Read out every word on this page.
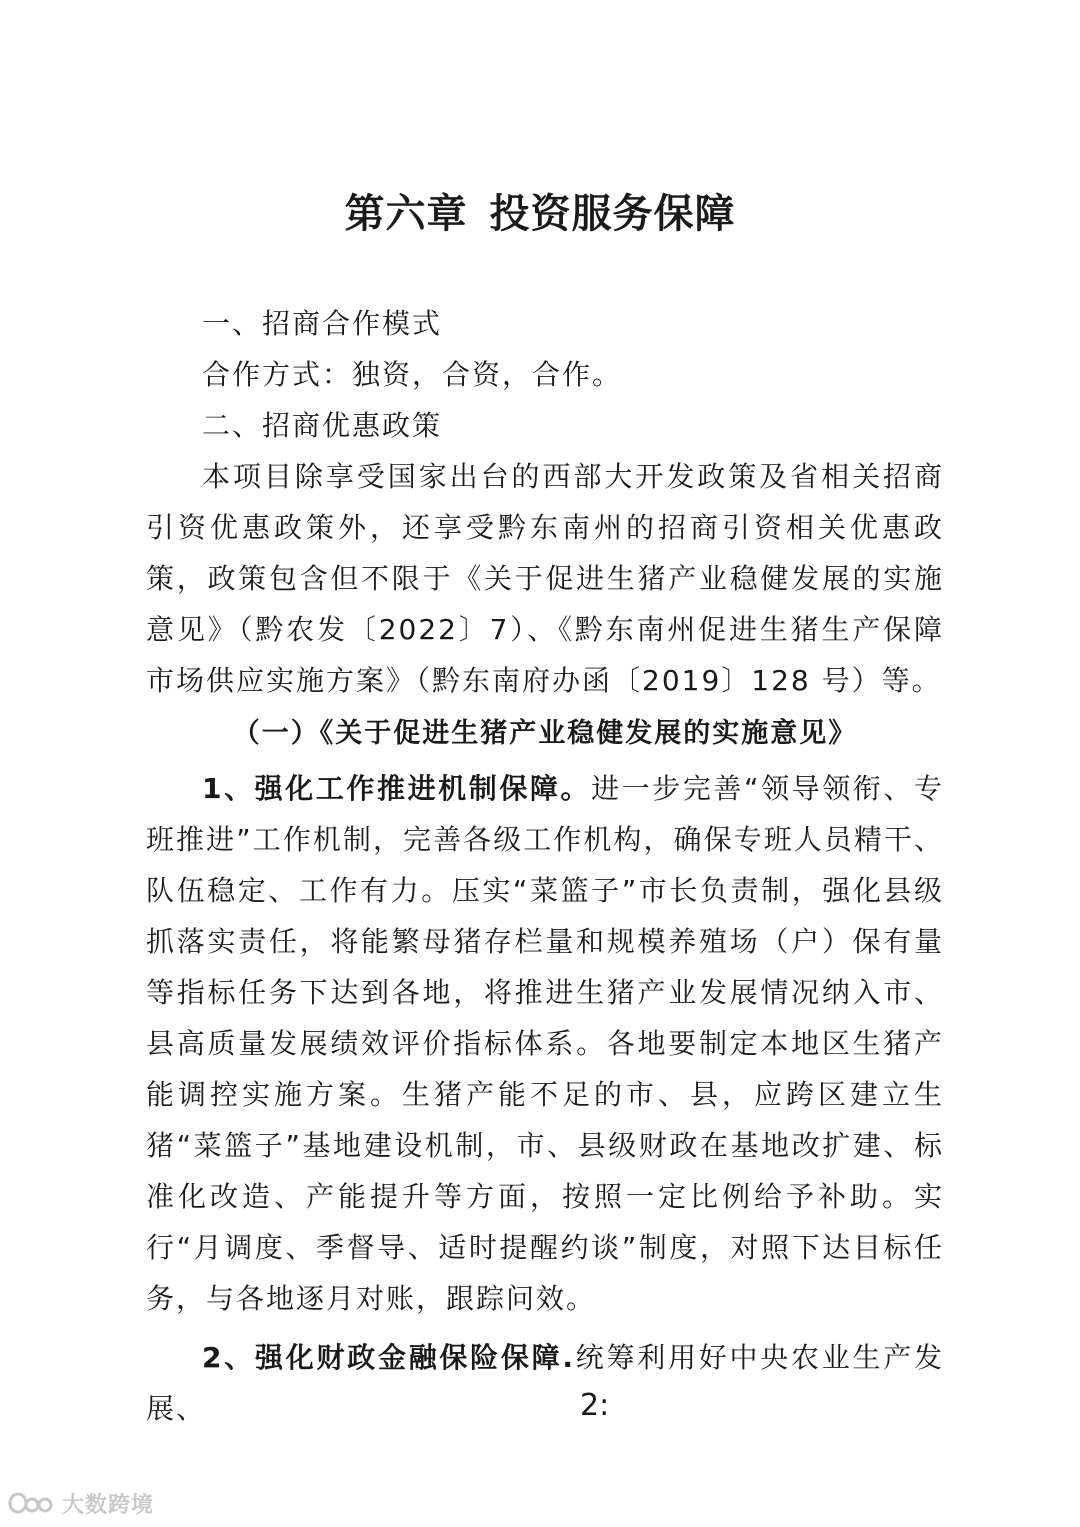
第六章 投资服务保障

一、招商合作模式

合作方式：独资，合资，合作。

二、招商优惠政策

本项目除享受国家出台的西部大开发政策及省相关招商引资优惠政策外，还享受黔东南州的招商引资相关优惠政策，政策包含但不限于《关于促进生猪产业稳健发展的实施意见》（黔农发〔2022〕7）、《黔东南州促进生猪生产保障市场供应实施方案》（黔东南府办函〔2019〕128 号）等。

（一）《关于促进生猪产业稳健发展的实施意见》

1、强化工作推进机制保障。进一步完善“领导领衔、专班推进”工作机制，完善各级工作机构，确保专班人员精干、队伍稳定、工作有力。压实“菜篮子”市长负责制，强化县级抓落实责任，将能繁母猪存栏量和规模养殖场（户）保有量等指标任务下达到各地，将推进生猪产业发展情况纳入市、县高质量发展绩效评价指标体系。各地要制定本地区生猪产能调控实施方案。生猪产能不足的市、县，应跨区建立生猪“菜篮子”基地建设机制，市、县级财政在基地改扩建、标准化改造、产能提升等方面，按照一定比例给予补助。实行“月调度、季督导、适时提醒约谈”制度，对照下达目标任务，与各地逐月对账，跟踪问效。

2、强化财政金融保险保障.统筹利用好中央农业生产发展、	2:
大数跨境
